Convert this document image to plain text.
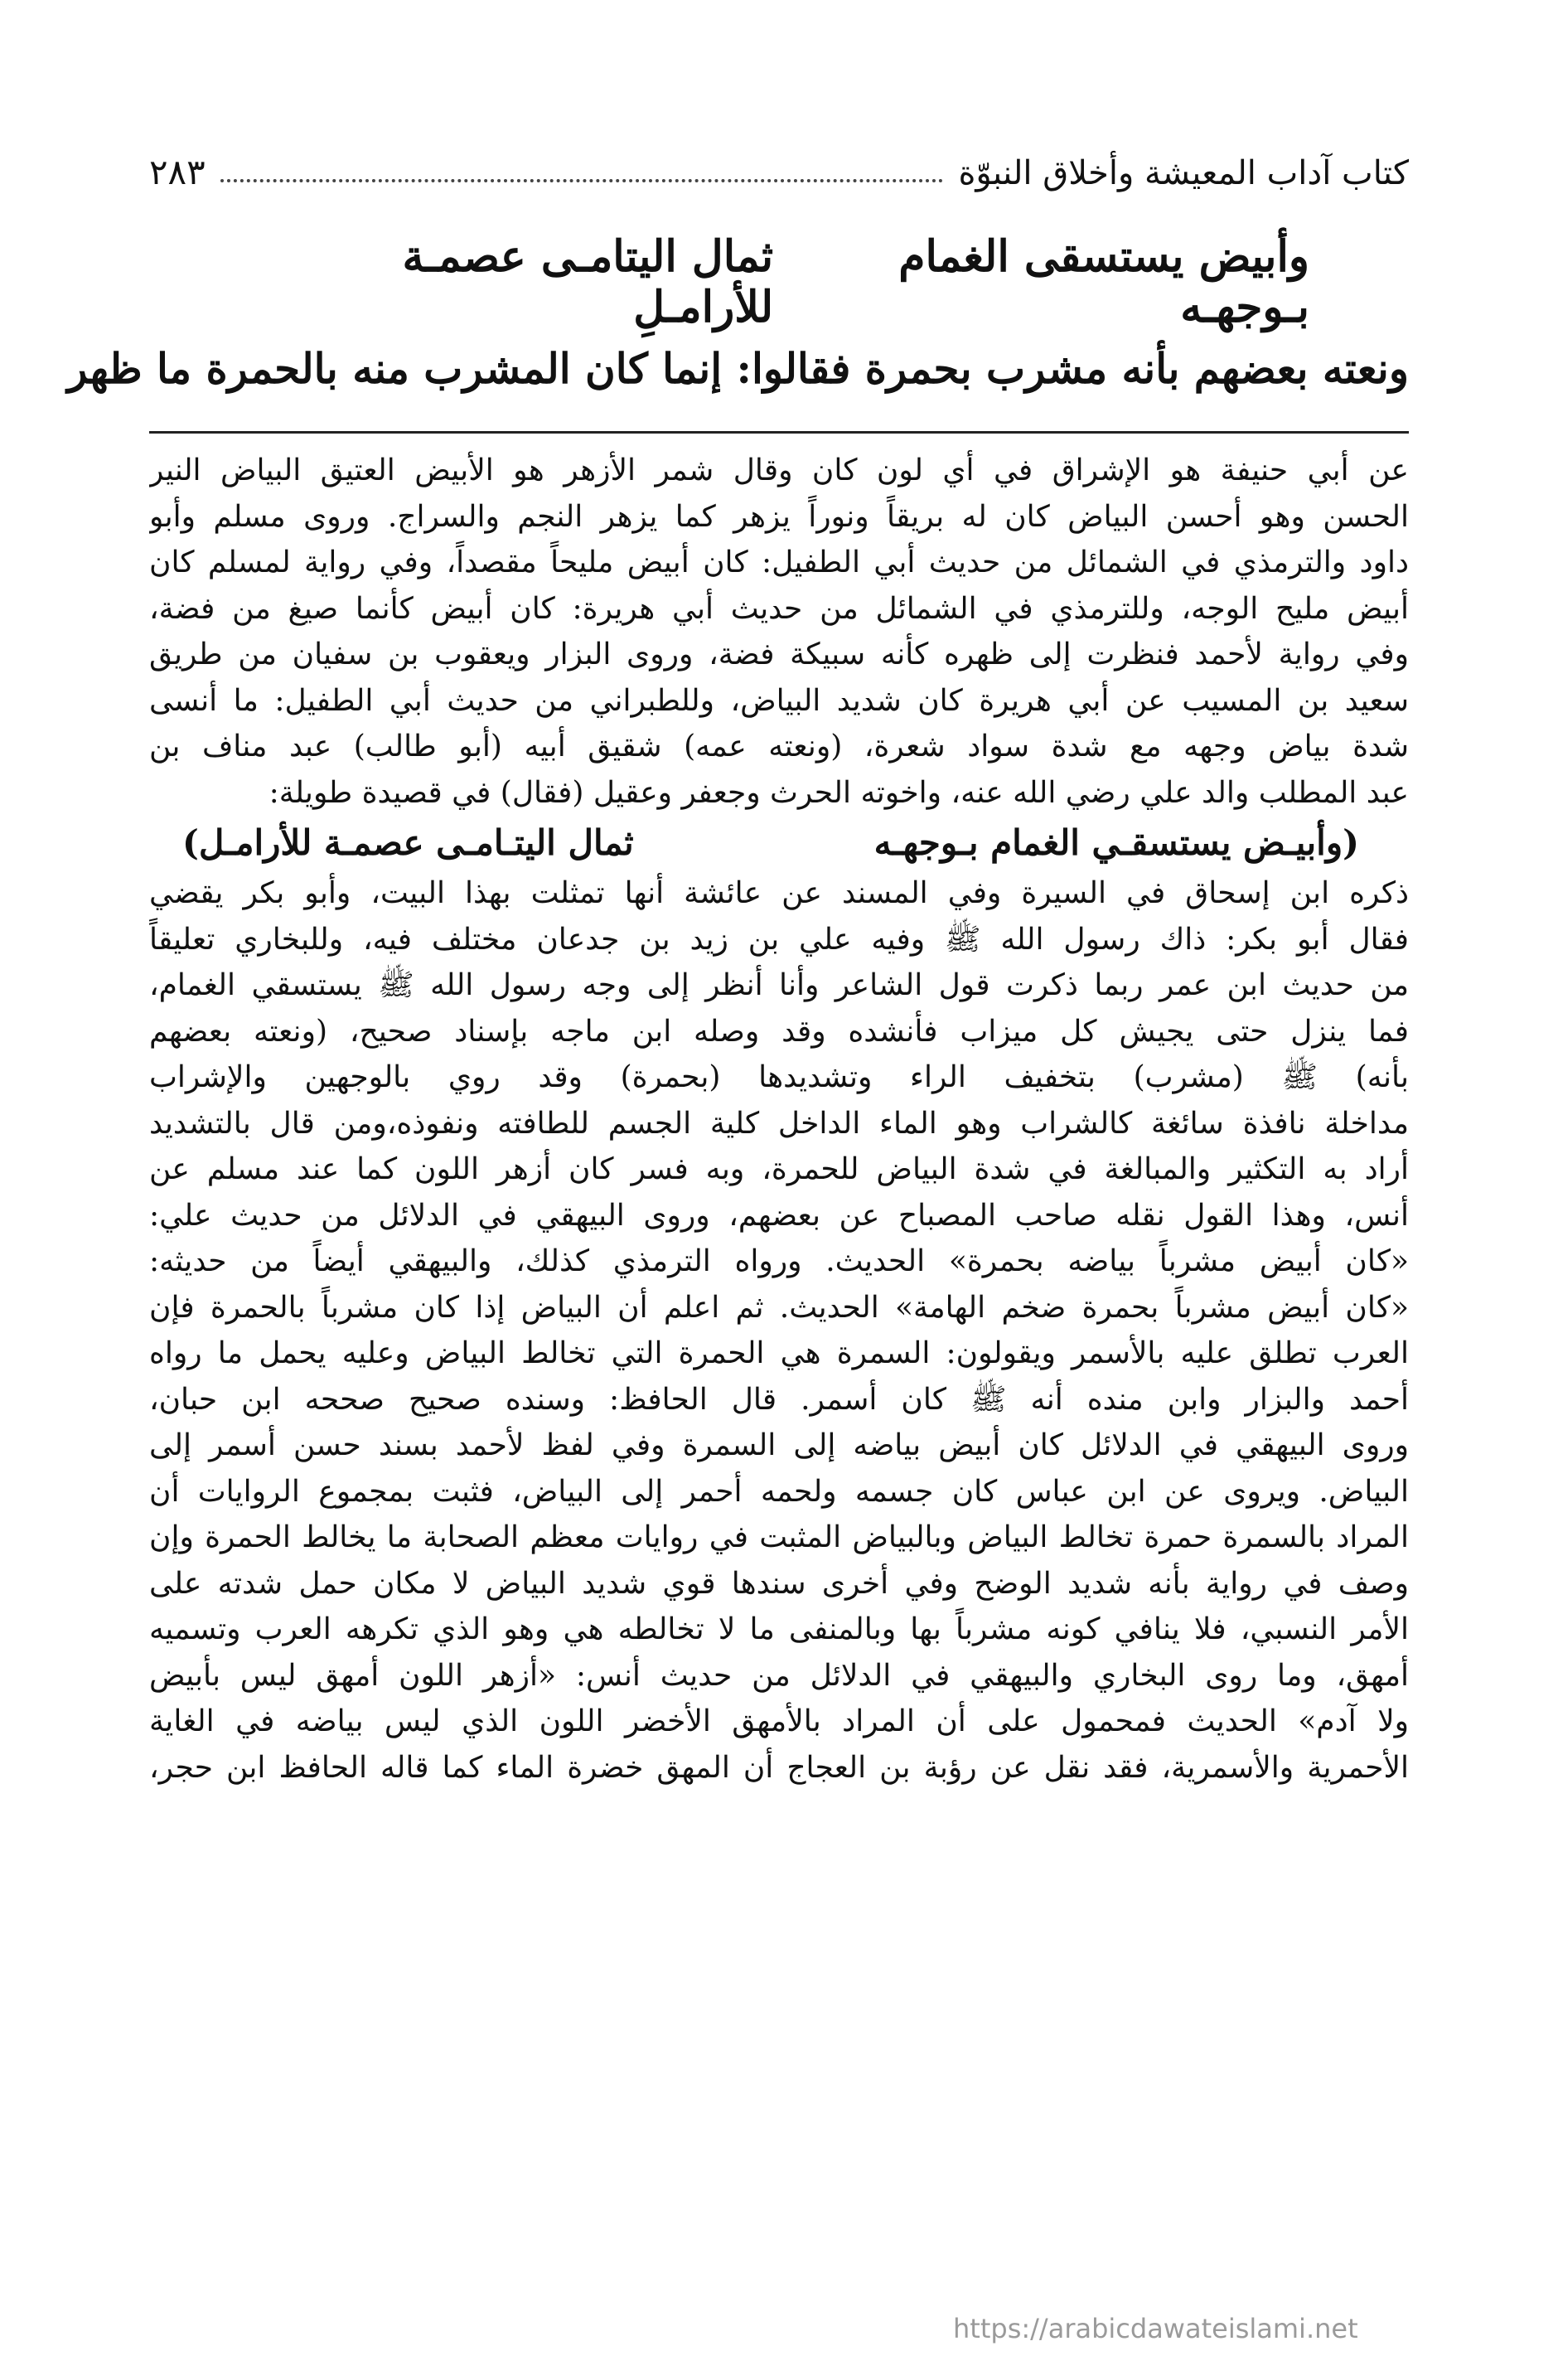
كتاب آداب المعيشة وأخلاق النبوّة
٢٨٣
وأبيض يستسقى الغمام بـوجهـه
ثمال اليتامـى عصمـة للأرامـلِ
ونعته بعضهم بأنه مشرب بحمرة فقالوا: إنما كان المشرب منه بالحمرة ما ظهر
عن أبي حنيفة هو الإشراق في أي لون كان وقال شمر الأزهر هو الأبيض العتيق البياض النير
الحسن وهو أحسن البياض كان له بريقاً ونوراً يزهر كما يزهر النجم والسراج. وروى مسلم وأبو
داود والترمذي في الشمائل من حديث أبي الطفيل: كان أبيض مليحاً مقصداً، وفي رواية لمسلم كان
أبيض مليح الوجه، وللترمذي في الشمائل من حديث أبي هريرة: كان أبيض كأنما صيغ من فضة،
وفي رواية لأحمد فنظرت إلى ظهره كأنه سبيكة فضة، وروى البزار ويعقوب بن سفيان من طريق
سعيد بن المسيب عن أبي هريرة كان شديد البياض، وللطبراني من حديث أبي الطفيل: ما أنسى
شدة بياض وجهه مع شدة سواد شعرة، (ونعته عمه) شقيق أبيه (أبو طالب) عبد مناف بن
عبد المطلب والد علي رضي الله عنه، واخوته الحرث وجعفر وعقيل (فقال) في قصيدة طويلة:
(وأبيـض يستسقـي الغمام بـوجهـه
ثمال اليتـامـى عصمـة للأرامـل)
ذكره ابن إسحاق في السيرة وفي المسند عن عائشة أنها تمثلت بهذا البيت، وأبو بكر يقضي
فقال أبو بكر: ذاك رسول الله ﷺ وفيه علي بن زيد بن جدعان مختلف فيه، وللبخاري تعليقاً
من حديث ابن عمر ربما ذكرت قول الشاعر وأنا أنظر إلى وجه رسول الله ﷺ يستسقي الغمام،
فما ينزل حتى يجيش كل ميزاب فأنشده وقد وصله ابن ماجه بإسناد صحيح، (ونعته بعضهم
بأنه) ﷺ (مشرب) بتخفيف الراء وتشديدها (بحمرة) وقد روي بالوجهين والإشراب
مداخلة نافذة سائغة كالشراب وهو الماء الداخل كلية الجسم للطافته ونفوذه،ومن قال بالتشديد
أراد به التكثير والمبالغة في شدة البياض للحمرة، وبه فسر كان أزهر اللون كما عند مسلم عن
أنس، وهذا القول نقله صاحب المصباح عن بعضهم، وروى البيهقي في الدلائل من حديث علي:
«كان أبيض مشرباً بياضه بحمرة» الحديث. ورواه الترمذي كذلك، والبيهقي أيضاً من حديثه:
«كان أبيض مشرباً بحمرة ضخم الهامة» الحديث. ثم اعلم أن البياض إذا كان مشرباً بالحمرة فإن
العرب تطلق عليه بالأسمر ويقولون: السمرة هي الحمرة التي تخالط البياض وعليه يحمل ما رواه
أحمد والبزار وابن منده أنه ﷺ كان أسمر. قال الحافظ: وسنده صحيح صححه ابن حبان،
وروى البيهقي في الدلائل كان أبيض بياضه إلى السمرة وفي لفظ لأحمد بسند حسن أسمر إلى
البياض. ويروى عن ابن عباس كان جسمه ولحمه أحمر إلى البياض، فثبت بمجموع الروايات أن
المراد بالسمرة حمرة تخالط البياض وبالبياض المثبت في روايات معظم الصحابة ما يخالط الحمرة وإن
وصف في رواية بأنه شديد الوضح وفي أخرى سندها قوي شديد البياض لا مكان حمل شدته على
الأمر النسبي، فلا ينافي كونه مشرباً بها وبالمنفى ما لا تخالطه هي وهو الذي تكرهه العرب وتسميه
أمهق، وما روى البخاري والبيهقي في الدلائل من حديث أنس: «أزهر اللون أمهق ليس بأبيض
ولا آدم» الحديث فمحمول على أن المراد بالأمهق الأخضر اللون الذي ليس بياضه في الغاية
الأحمرية والأسمرية، فقد نقل عن رؤبة بن العجاج أن المهق خضرة الماء كما قاله الحافظ ابن حجر،
https://arabicdawateislami.net
